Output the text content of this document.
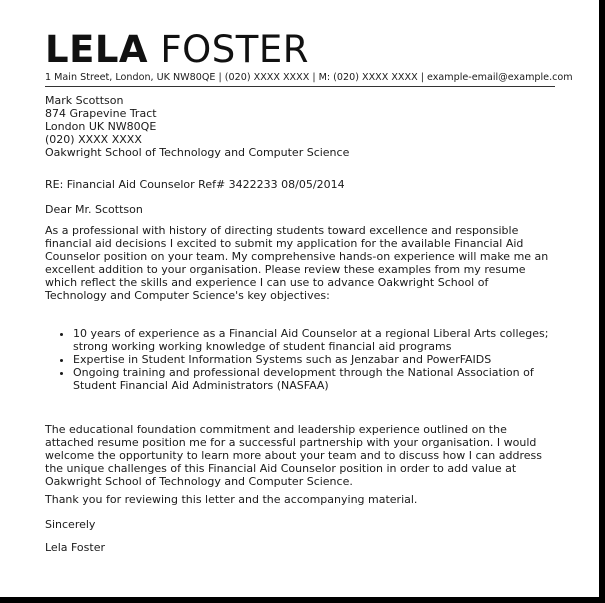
LELA FOSTER
1 Main Street, London, UK NW80QE | (020) XXXX XXXX | M: (020) XXXX XXXX | example-email@example.com
Mark Scottson
874 Grapevine Tract
London UK NW80QE
(020) XXXX XXXX
Oakwright School of Technology and Computer Science
RE: Financial Aid Counselor Ref# 3422233 08/05/2014
Dear Mr. Scottson
As a professional with history of directing students toward excellence and responsible financial aid decisions I excited to submit my application for the available Financial Aid Counselor position on your team. My comprehensive hands-on experience will make me an excellent addition to your organisation. Please review these examples from my resume which reflect the skills and experience I can use to advance Oakwright School of Technology and Computer Science's key objectives:
• 10 years of experience as a Financial Aid Counselor at a regional Liberal Arts colleges; strong working working knowledge of student financial aid programs
• Expertise in Student Information Systems such as Jenzabar and PowerFAIDS
• Ongoing training and professional development through the National Association of Student Financial Aid Administrators (NASFAA)
The educational foundation commitment and leadership experience outlined on the attached resume position me for a successful partnership with your organisation. I would welcome the opportunity to learn more about your team and to discuss how I can address the unique challenges of this Financial Aid Counselor position in order to add value at Oakwright School of Technology and Computer Science.
Thank you for reviewing this letter and the accompanying material.
Sincerely
Lela Foster
